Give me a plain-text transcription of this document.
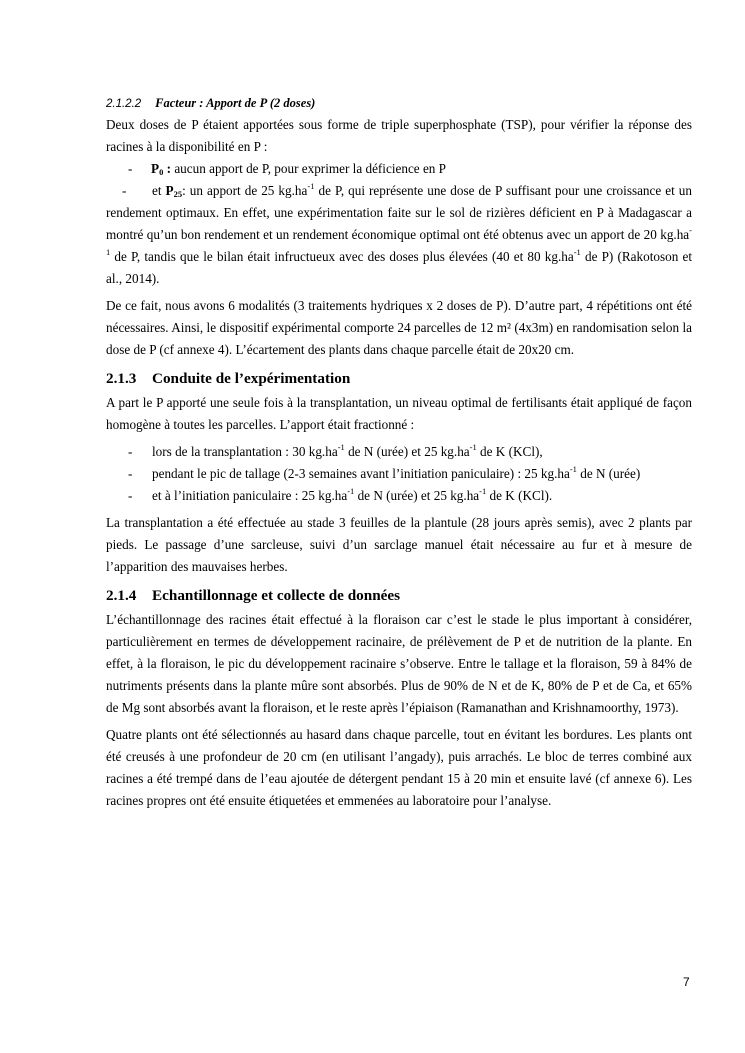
2.1.2.2 Facteur : Apport de P (2 doses)

Deux doses de P étaient apportées sous forme de triple superphosphate (TSP), pour vérifier la réponse des racines à la disponibilité en P :

-	$P_0$ : aucun apport de P, pour exprimer la déficience en P

- et $P_{25}$: un apport de 25 $kg.ha^{-1}$ de P, qui représente une dose de P suffisant pour une croissance et un rendement optimaux. En effet, une expérimentation faite sur le sol de rizières déficient en P à Madagascar a montré qu’un bon rendement et un rendement économique optimal ont été obtenus avec un apport de 20 $kg.ha^{-1}$ de P, tandis que le bilan était infructueux avec des doses plus élevées (40 et 80 $kg.ha^{-1}$ de P) (Rakotoson et al., 2014).

De ce fait, nous avons 6 modalités (3 traitements hydriques x 2 doses de P). D’autre part, 4 répétitions ont été nécessaires. Ainsi, le dispositif expérimental comporte 24 parcelles de 12 m² (4x3m) en randomisation selon la dose de P (cf annexe 4). L’écartement des plants dans chaque parcelle était de 20x20 cm.

2.1.3 Conduite de l’expérimentation

A part le P apporté une seule fois à la transplantation, un niveau optimal de fertilisants était appliqué de façon homogène à toutes les parcelles. L’apport était fractionné :

-	lors de la transplantation : 30 $kg.ha^{-1}$ de N (urée) et 25 $kg.ha^{-1}$ de K (KCl),
-	pendant le pic de tallage (2-3 semaines avant l’initiation paniculaire) : 25 $kg.ha^{-1}$ de N (urée)
-	et à l’initiation paniculaire : 25 $kg.ha^{-1}$ de N (urée) et 25 $kg.ha^{-1}$ de K (KCl).

La transplantation a été effectuée au stade 3 feuilles de la plantule (28 jours après semis), avec 2 plants par pieds. Le passage d’une sarcleuse, suivi d’un sarclage manuel était nécessaire au fur et à mesure de l’apparition des mauvaises herbes.

2.1.4 Echantillonnage et collecte de données

L’échantillonnage des racines était effectué à la floraison car c’est le stade le plus important à considérer, particulièrement en termes de développement racinaire, de prélèvement de P et de nutrition de la plante. En effet, à la floraison, le pic du développement racinaire s’observe. Entre le tallage et la floraison, 59 à 84% de nutriments présents dans la plante mûre sont absorbés. Plus de 90% de N et de K, 80% de P et de Ca, et 65% de Mg sont absorbés avant la floraison, et le reste après l’épiaison (Ramanathan and Krishnamoorthy, 1973).

Quatre plants ont été sélectionnés au hasard dans chaque parcelle, tout en évitant les bordures. Les plants ont été creusés à une profondeur de 20 cm (en utilisant l’angady), puis arrachés. Le bloc de terres combiné aux racines a été trempé dans de l’eau ajoutée de détergent pendant 15 à 20 min et ensuite lavé (cf annexe 6). Les racines propres ont été ensuite étiquetées et emmenées au laboratoire pour l’analyse.

7
